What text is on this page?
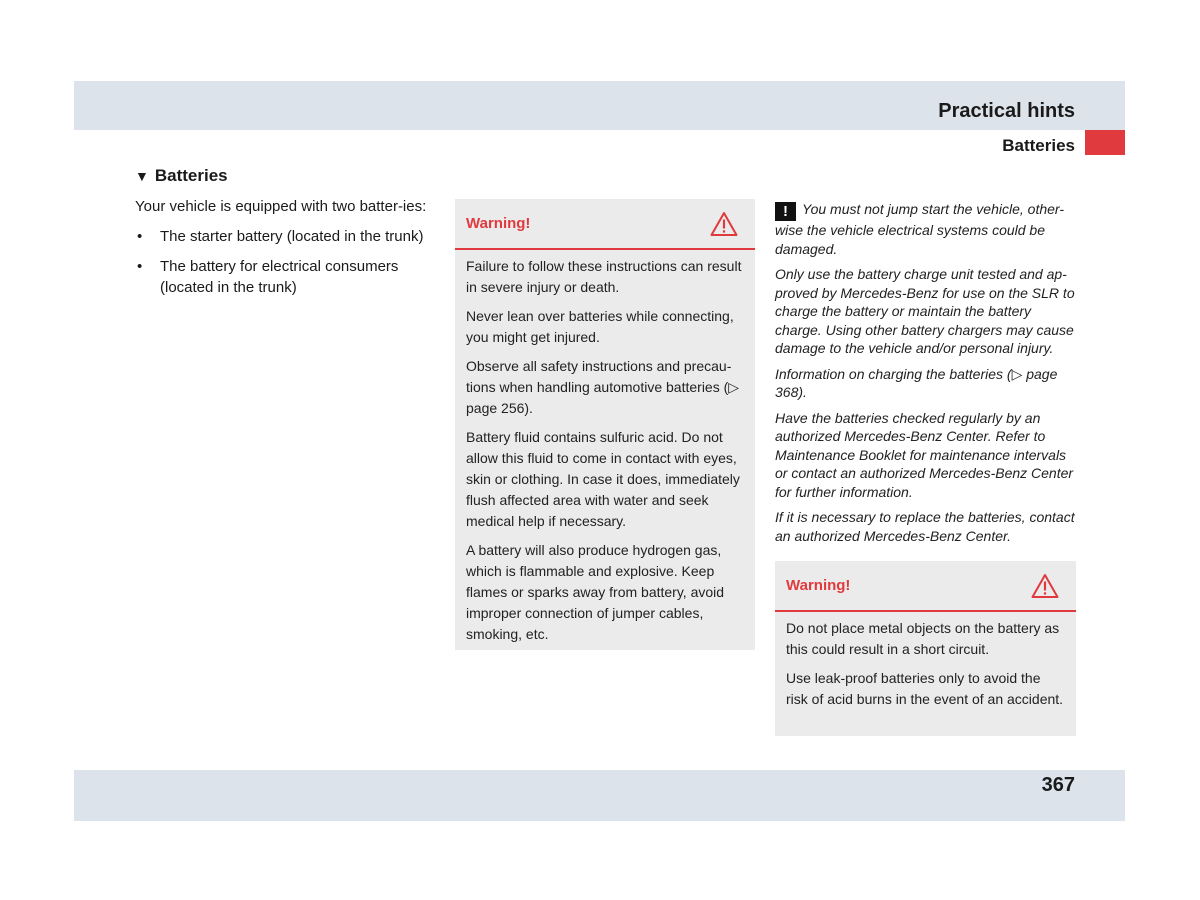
Practical hints
Batteries
▼ Batteries

Your vehicle is equipped with two batter-ies:

• The starter battery (located in the trunk)
• The battery for electrical consumers (located in the trunk)
Warning!

Failure to follow these instructions can result in severe injury or death.

Never lean over batteries while connecting, you might get injured.

Observe all safety instructions and precau-tions when handling automotive batteries (▷ page 256).

Battery fluid contains sulfuric acid. Do not allow this fluid to come in contact with eyes, skin or clothing. In case it does, immediately flush affected area with water and seek medical help if necessary.

A battery will also produce hydrogen gas, which is flammable and explosive. Keep flames or sparks away from battery, avoid improper connection of jumper cables, smoking, etc.

! You must not jump start the vehicle, other-wise the vehicle electrical systems could be damaged.

Only use the battery charge unit tested and ap-proved by Mercedes-Benz for use on the SLR to charge the battery or maintain the battery charge. Using other battery chargers may cause damage to the vehicle and/or personal injury.

Information on charging the batteries (▷ page 368).

Have the batteries checked regularly by an authorized Mercedes-Benz Center. Refer to Maintenance Booklet for maintenance intervals or contact an authorized Mercedes-Benz Center for further information.

If it is necessary to replace the batteries, contact an authorized Mercedes-Benz Center.

Warning!

Do not place metal objects on the battery as this could result in a short circuit.

Use leak-proof batteries only to avoid the risk of acid burns in the event of an accident.

367
